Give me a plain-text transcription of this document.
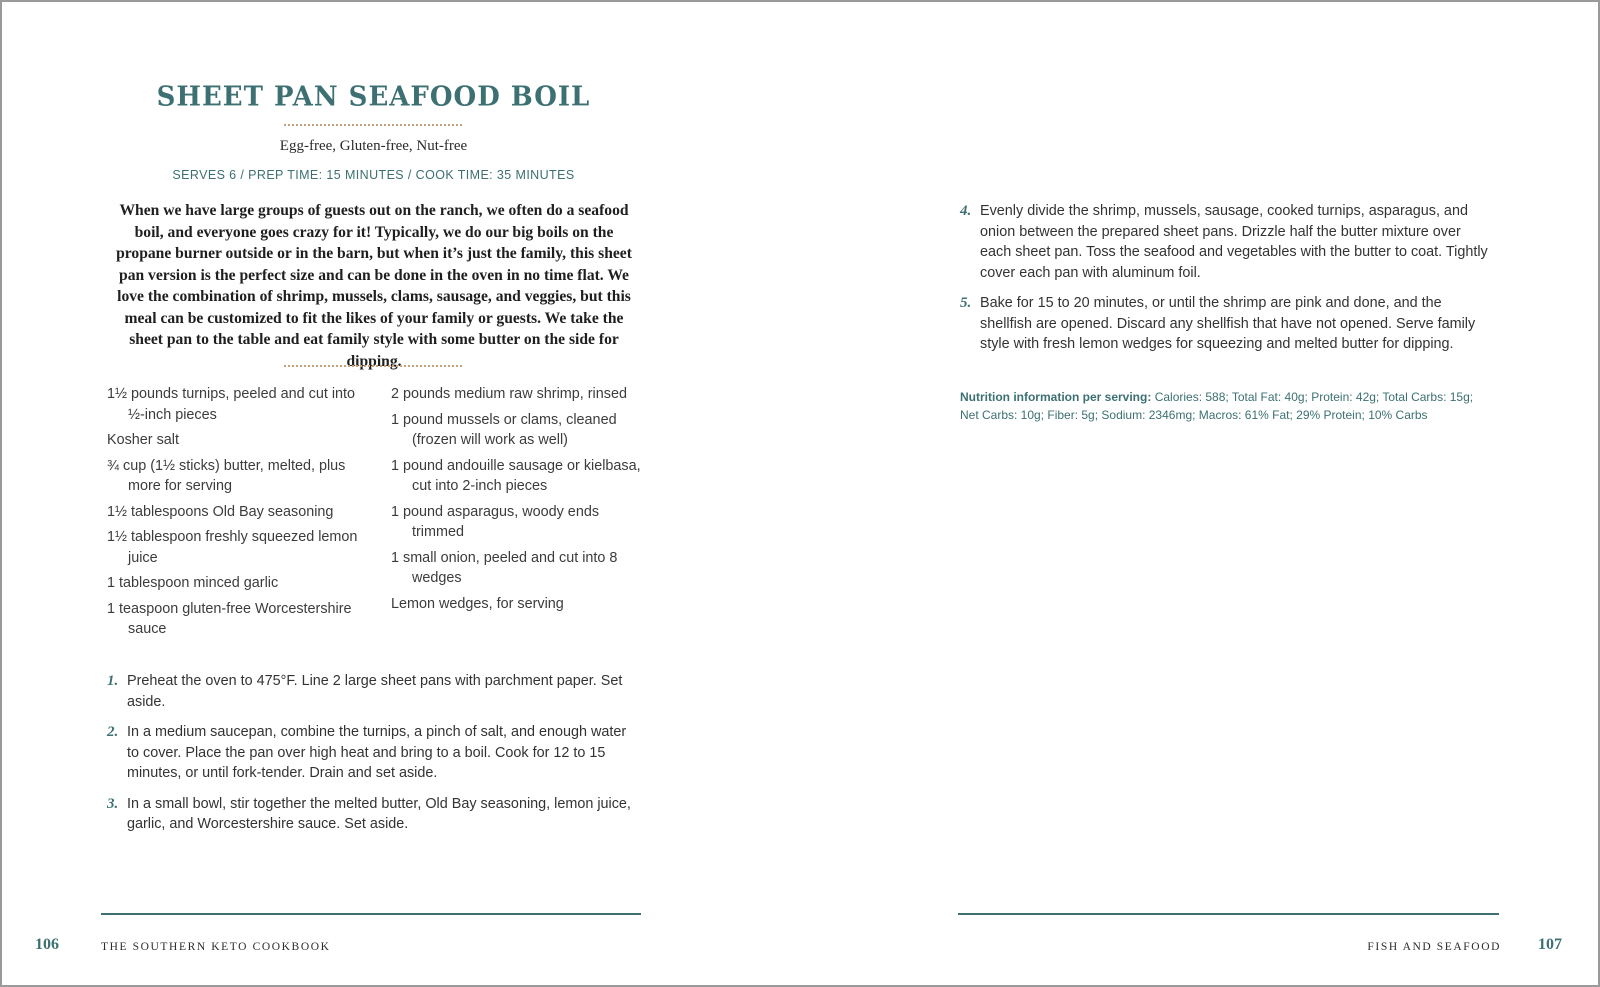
SHEET PAN SEAFOOD BOIL
Egg-free, Gluten-free, Nut-free
SERVES 6 / PREP TIME: 15 MINUTES / COOK TIME: 35 MINUTES
When we have large groups of guests out on the ranch, we often do a seafood boil, and everyone goes crazy for it! Typically, we do our big boils on the propane burner outside or in the barn, but when it’s just the family, this sheet pan version is the perfect size and can be done in the oven in no time flat. We love the combination of shrimp, mussels, clams, sausage, and veggies, but this meal can be customized to fit the likes of your family or guests. We take the sheet pan to the table and eat family style with some butter on the side for dipping.
1½ pounds turnips, peeled and cut into ½-inch pieces
Kosher salt
¾ cup (1½ sticks) butter, melted, plus more for serving
1½ tablespoons Old Bay seasoning
1½ tablespoon freshly squeezed lemon juice
1 tablespoon minced garlic
1 teaspoon gluten-free Worcestershire sauce
2 pounds medium raw shrimp, rinsed
1 pound mussels or clams, cleaned (frozen will work as well)
1 pound andouille sausage or kielbasa, cut into 2-inch pieces
1 pound asparagus, woody ends trimmed
1 small onion, peeled and cut into 8 wedges
Lemon wedges, for serving
1. Preheat the oven to 475°F. Line 2 large sheet pans with parchment paper. Set aside.
2. In a medium saucepan, combine the turnips, a pinch of salt, and enough water to cover. Place the pan over high heat and bring to a boil. Cook for 12 to 15 minutes, or until fork-tender. Drain and set aside.
3. In a small bowl, stir together the melted butter, Old Bay seasoning, lemon juice, garlic, and Worcestershire sauce. Set aside.
4. Evenly divide the shrimp, mussels, sausage, cooked turnips, asparagus, and onion between the prepared sheet pans. Drizzle half the butter mixture over each sheet pan. Toss the seafood and vegetables with the butter to coat. Tightly cover each pan with aluminum foil.
5. Bake for 15 to 20 minutes, or until the shrimp are pink and done, and the shellfish are opened. Discard any shellfish that have not opened. Serve family style with fresh lemon wedges for squeezing and melted butter for dipping.
Nutrition information per serving: Calories: 588; Total Fat: 40g; Protein: 42g; Total Carbs: 15g; Net Carbs: 10g; Fiber: 5g; Sodium: 2346mg; Macros: 61% Fat; 29% Protein; 10% Carbs
106	THE SOUTHERN KETO COOKBOOK	FISH AND SEAFOOD 107
